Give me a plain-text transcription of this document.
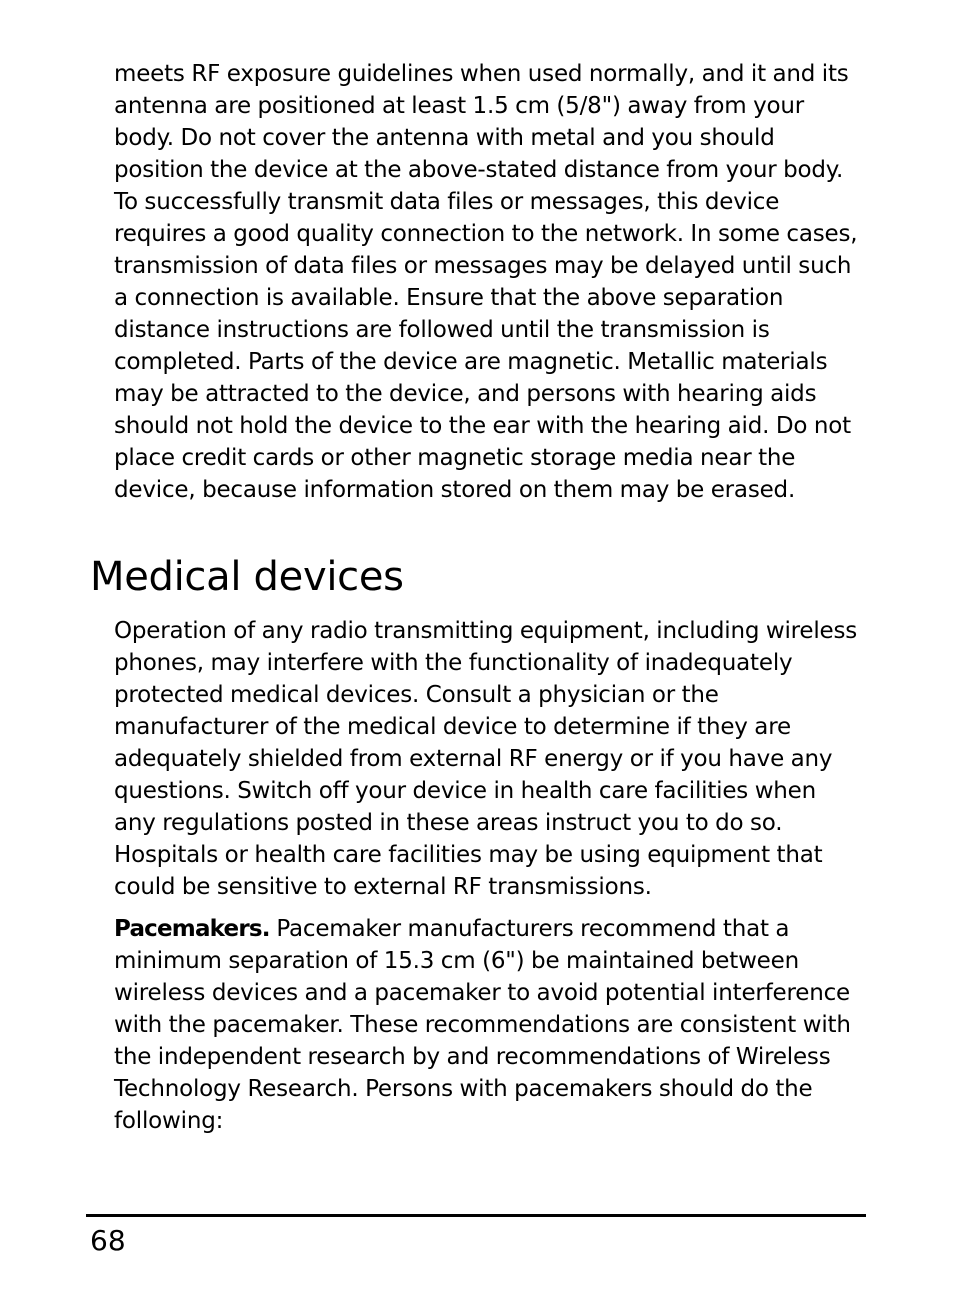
meets RF exposure guidelines when used normally, and it and its antenna are positioned at least 1.5 cm (5/8") away from your body. Do not cover the antenna with metal and you should position the device at the above-stated distance from your body. To successfully transmit data files or messages, this device requires a good quality connection to the network. In some cases, transmission of data files or messages may be delayed until such a connection is available. Ensure that the above separation distance instructions are followed until the transmission is completed. Parts of the device are magnetic. Metallic materials may be attracted to the device, and persons with hearing aids should not hold the device to the ear with the hearing aid. Do not place credit cards or other magnetic storage media near the device, because information stored on them may be erased.

Medical devices

Operation of any radio transmitting equipment, including wireless phones, may interfere with the functionality of inadequately protected medical devices. Consult a physician or the manufacturer of the medical device to determine if they are adequately shielded from external RF energy or if you have any questions. Switch off your device in health care facilities when any regulations posted in these areas instruct you to do so. Hospitals or health care facilities may be using equipment that could be sensitive to external RF transmissions.

Pacemakers. Pacemaker manufacturers recommend that a minimum separation of 15.3 cm (6") be maintained between wireless devices and a pacemaker to avoid potential interference with the pacemaker. These recommendations are consistent with the independent research by and recommendations of Wireless Technology Research. Persons with pacemakers should do the following:

68
